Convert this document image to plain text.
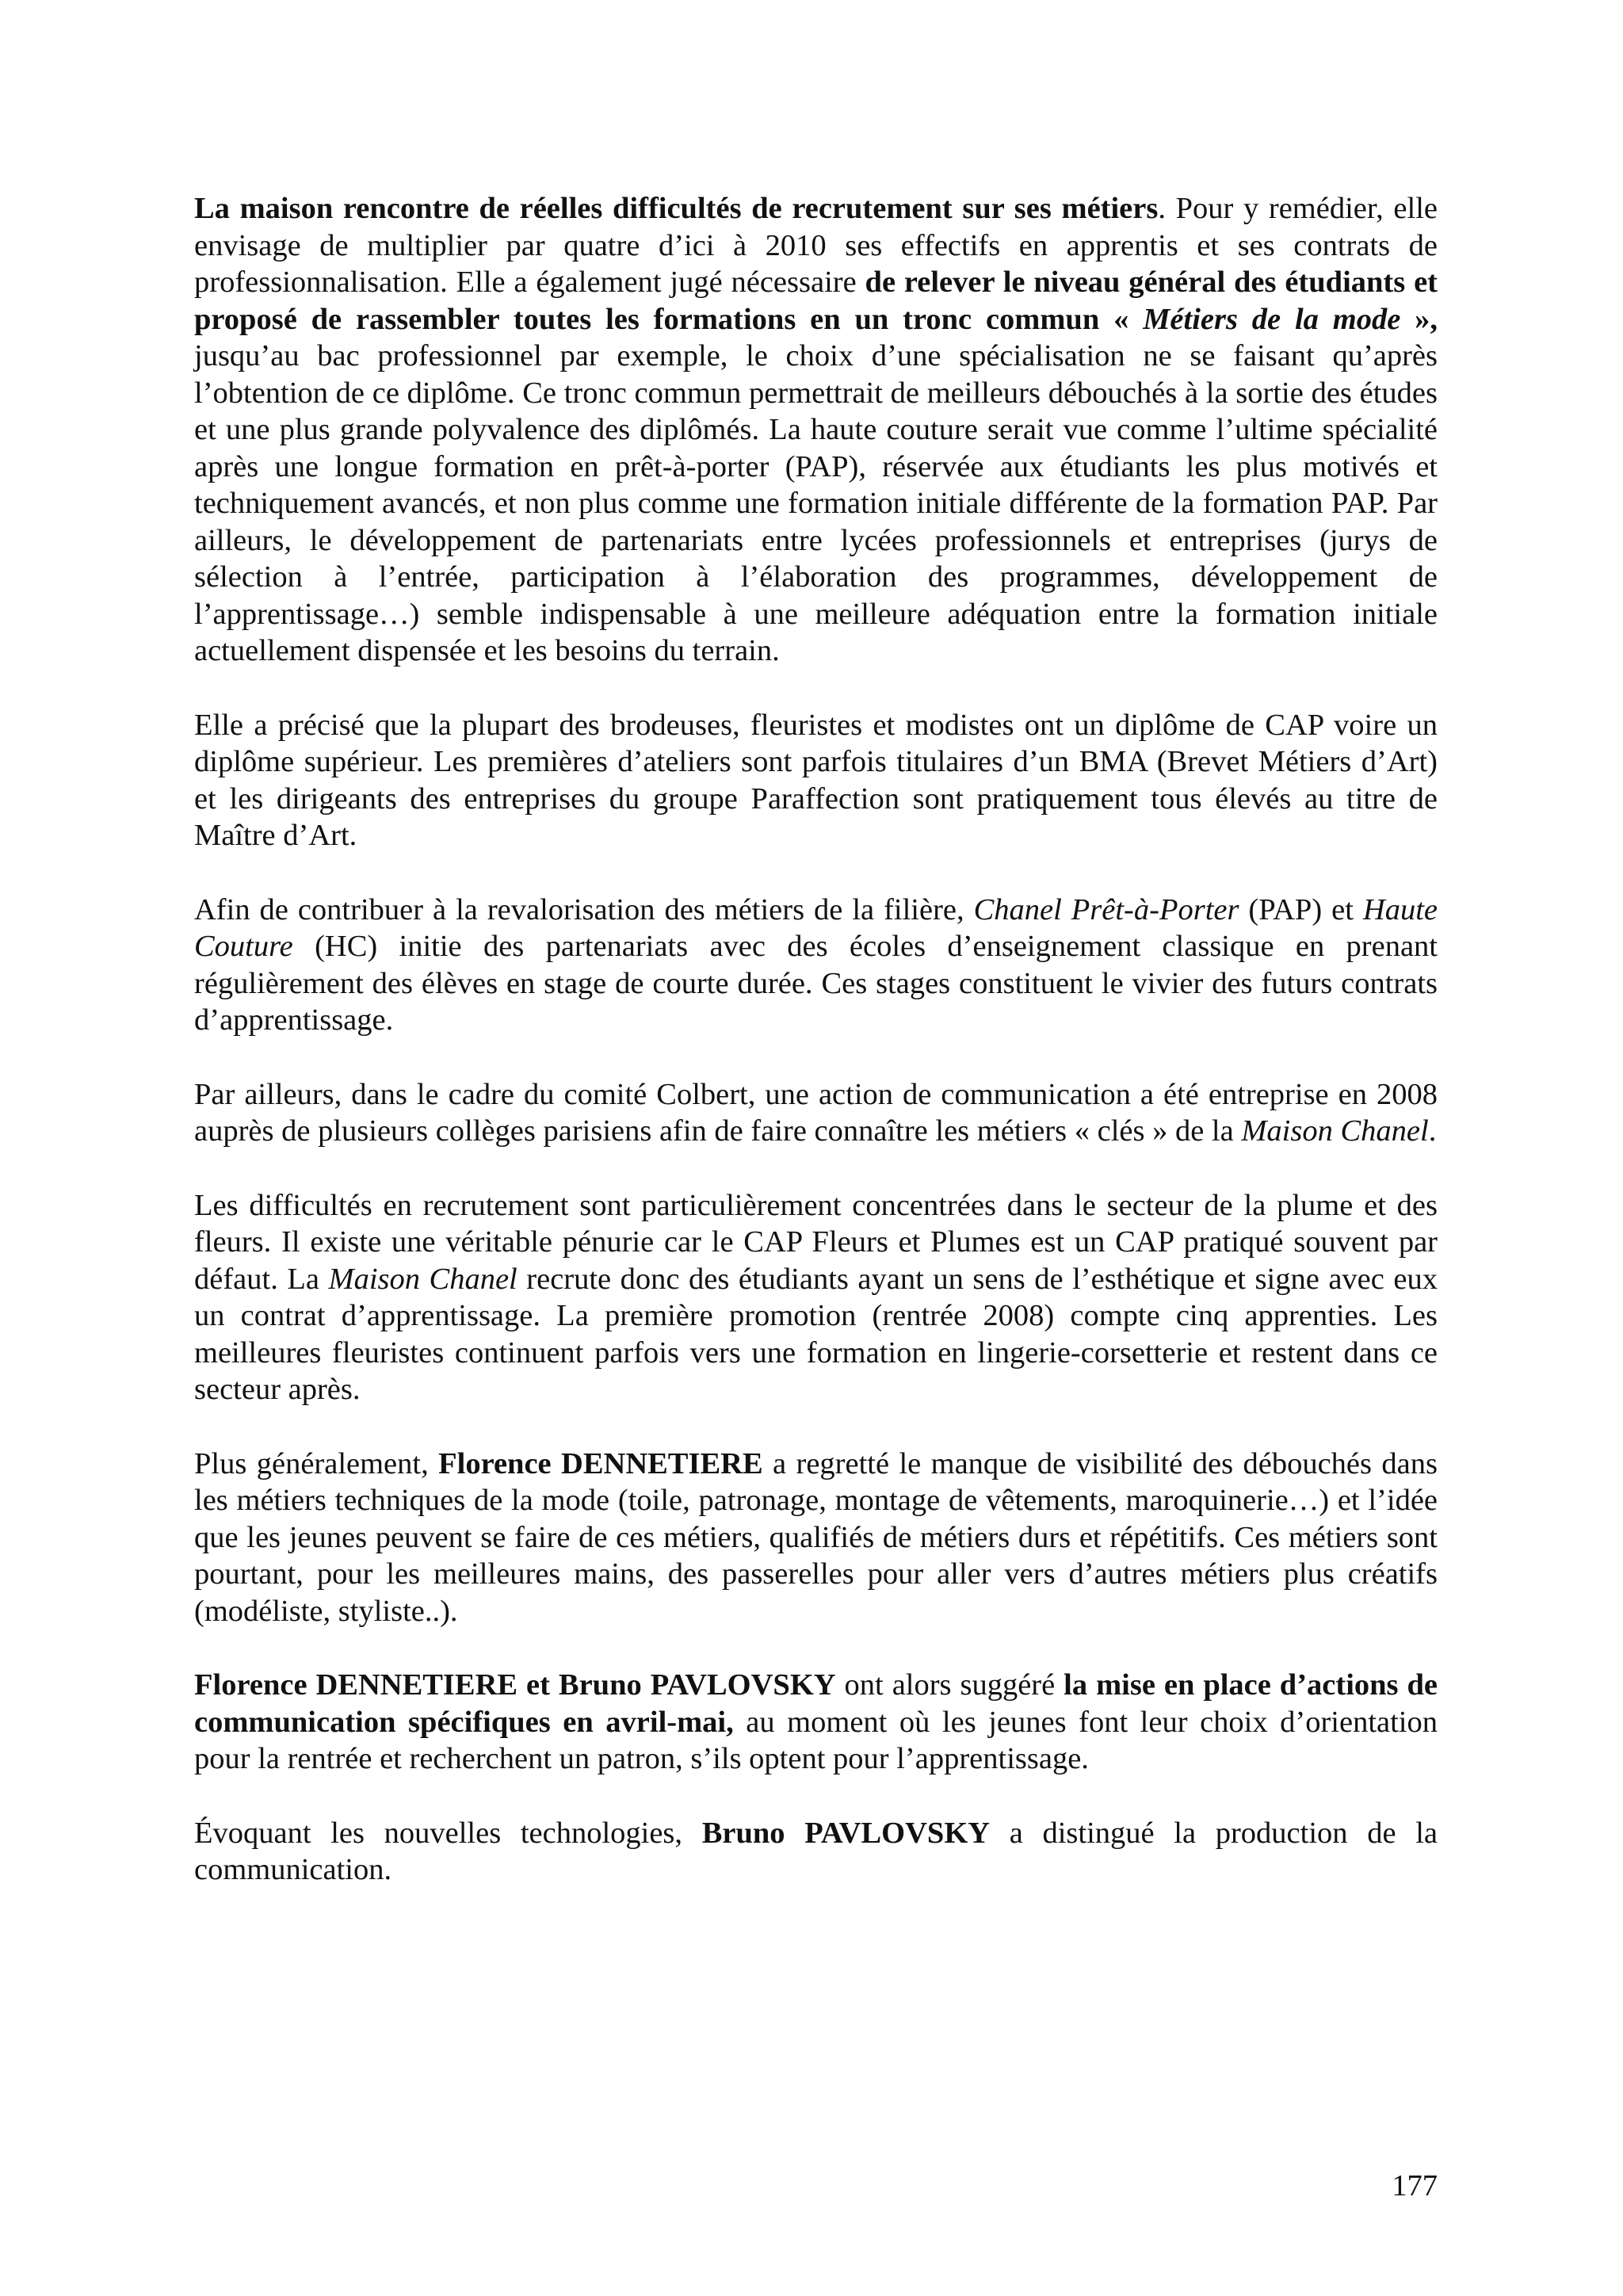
La maison rencontre de réelles difficultés de recrutement sur ses métiers. Pour y remédier, elle envisage de multiplier par quatre d’ici à 2010 ses effectifs en apprentis et ses contrats de professionnalisation. Elle a également jugé nécessaire de relever le niveau général des étudiants et proposé de rassembler toutes les formations en un tronc commun « Métiers de la mode », jusqu’au bac professionnel par exemple, le choix d’une spécialisation ne se faisant qu’après l’obtention de ce diplôme. Ce tronc commun permettrait de meilleurs débouchés à la sortie des études et une plus grande polyvalence des diplômés. La haute couture serait vue comme l’ultime spécialité après une longue formation en prêt-à-porter (PAP), réservée aux étudiants les plus motivés et techniquement avancés, et non plus comme une formation initiale différente de la formation PAP. Par ailleurs, le développement de partenariats entre lycées professionnels et entreprises (jurys de sélection à l’entrée, participation à l’élaboration des programmes, développement de l’apprentissage…) semble indispensable à une meilleure adéquation entre la formation initiale actuellement dispensée et les besoins du terrain.

Elle a précisé que la plupart des brodeuses, fleuristes et modistes ont un diplôme de CAP voire un diplôme supérieur. Les premières d’ateliers sont parfois titulaires d’un BMA (Brevet Métiers d’Art) et les dirigeants des entreprises du groupe Paraffection sont pratiquement tous élevés au titre de Maître d’Art.

Afin de contribuer à la revalorisation des métiers de la filière, Chanel Prêt-à-Porter (PAP) et Haute Couture (HC) initie des partenariats avec des écoles d’enseignement classique en prenant régulièrement des élèves en stage de courte durée. Ces stages constituent le vivier des futurs contrats d’apprentissage.

Par ailleurs, dans le cadre du comité Colbert, une action de communication a été entreprise en 2008 auprès de plusieurs collèges parisiens afin de faire connaître les métiers « clés » de la Maison Chanel.

Les difficultés en recrutement sont particulièrement concentrées dans le secteur de la plume et des fleurs. Il existe une véritable pénurie car le CAP Fleurs et Plumes est un CAP pratiqué souvent par défaut. La Maison Chanel recrute donc des étudiants ayant un sens de l’esthétique et signe avec eux un contrat d’apprentissage. La première promotion (rentrée 2008) compte cinq apprenties. Les meilleures fleuristes continuent parfois vers une formation en lingerie-corsetterie et restent dans ce secteur après.

Plus généralement, Florence DENNETIERE a regretté le manque de visibilité des débouchés dans les métiers techniques de la mode (toile, patronage, montage de vêtements, maroquinerie…) et l’idée que les jeunes peuvent se faire de ces métiers, qualifiés de métiers durs et répétitifs. Ces métiers sont pourtant, pour les meilleures mains, des passerelles pour aller vers d’autres métiers plus créatifs (modéliste, styliste..).

Florence DENNETIERE et Bruno PAVLOVSKY ont alors suggéré la mise en place d’actions de communication spécifiques en avril-mai, au moment où les jeunes font leur choix d’orientation pour la rentrée et recherchent un patron, s’ils optent pour l’apprentissage.

Évoquant les nouvelles technologies, Bruno PAVLOVSKY a distingué la production de la communication.

177
